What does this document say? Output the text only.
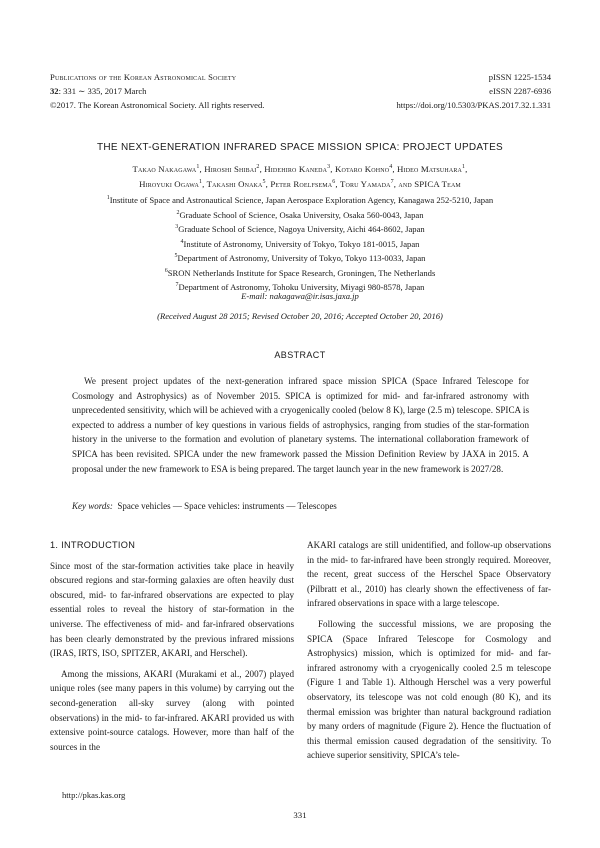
Publications of the Korean Astronomical Society
32: 331 ∼ 335, 2017 March
©2017. The Korean Astronomical Society. All rights reserved.
pISSN 1225-1534
eISSN 2287-6936
https://doi.org/10.5303/PKAS.2017.32.1.331
THE NEXT-GENERATION INFRARED SPACE MISSION SPICA: PROJECT UPDATES
Takao Nakagawa$^1$, Hiroshi Shibai$^2$, Hidehiro Kaneda$^3$, Kotaro Kohno$^4$, Hideo Matsuhara$^1$,
Hiroyuki Ogawa$^1$, Takashi Onaka$^5$, Peter Roelfsema$^6$, Toru Yamada$^7$, and SPICA Team
$^1$Institute of Space and Astronautical Science, Japan Aerospace Exploration Agency, Kanagawa 252-5210, Japan
$^2$Graduate School of Science, Osaka University, Osaka 560-0043, Japan
$^3$Graduate School of Science, Nagoya University, Aichi 464-8602, Japan
$^4$Institute of Astronomy, University of Tokyo, Tokyo 181-0015, Japan
$^5$Department of Astronomy, University of Tokyo, Tokyo 113-0033, Japan
$^6$SRON Netherlands Institute for Space Research, Groningen, The Netherlands
$^7$Department of Astronomy, Tohoku University, Miyagi 980-8578, Japan
E-mail: nakagawa@ir.isas.jaxa.jp
(Received August 28 2015; Revised October 20, 2016; Accepted October 20, 2016)
ABSTRACT
We present project updates of the next-generation infrared space mission SPICA (Space Infrared Telescope for Cosmology and Astrophysics) as of November 2015. SPICA is optimized for mid- and far-infrared astronomy with unprecedented sensitivity, which will be achieved with a cryogenically cooled (below 8 K), large (2.5 m) telescope. SPICA is expected to address a number of key questions in various fields of astrophysics, ranging from studies of the star-formation history in the universe to the formation and evolution of planetary systems. The international collaboration framework of SPICA has been revisited. SPICA under the new framework passed the Mission Definition Review by JAXA in 2015. A proposal under the new framework to ESA is being prepared. The target launch year in the new framework is 2027/28.
Key words: Space vehicles — Space vehicles: instruments — Telescopes
1. INTRODUCTION

Since most of the star-formation activities take place in heavily obscured regions and star-forming galaxies are often heavily dust obscured, mid- to far-infrared observations are expected to play essential roles to reveal the history of star-formation in the universe. The effectiveness of mid- and far-infrared observations has been clearly demonstrated by the previous infrared missions (IRAS, IRTS, ISO, SPITZER, AKARI, and Herschel).

Among the missions, AKARI (Murakami et al., 2007) played unique roles (see many papers in this volume) by carrying out the second-generation all-sky survey (along with pointed observations) in the mid- to far-infrared. AKARI provided us with extensive point-source catalogs. However, more than half of the sources in the

AKARI catalogs are still unidentified, and follow-up observations in the mid- to far-infrared have been strongly required. Moreover, the recent, great success of the Herschel Space Observatory (Pilbratt et al., 2010) has clearly shown the effectiveness of far-infrared observations in space with a large telescope.

Following the successful missions, we are proposing the SPICA (Space Infrared Telescope for Cosmology and Astrophysics) mission, which is optimized for mid- and far-infrared astronomy with a cryogenically cooled 2.5 m telescope (Figure 1 and Table 1). Although Herschel was a very powerful observatory, its telescope was not cold enough (80 K), and its thermal emission was brighter than natural background radiation by many orders of magnitude (Figure 2). Hence the fluctuation of this thermal emission caused degradation of the sensitivity. To achieve superior sensitivity, SPICA’s tele-

http://pkas.kas.org
331
